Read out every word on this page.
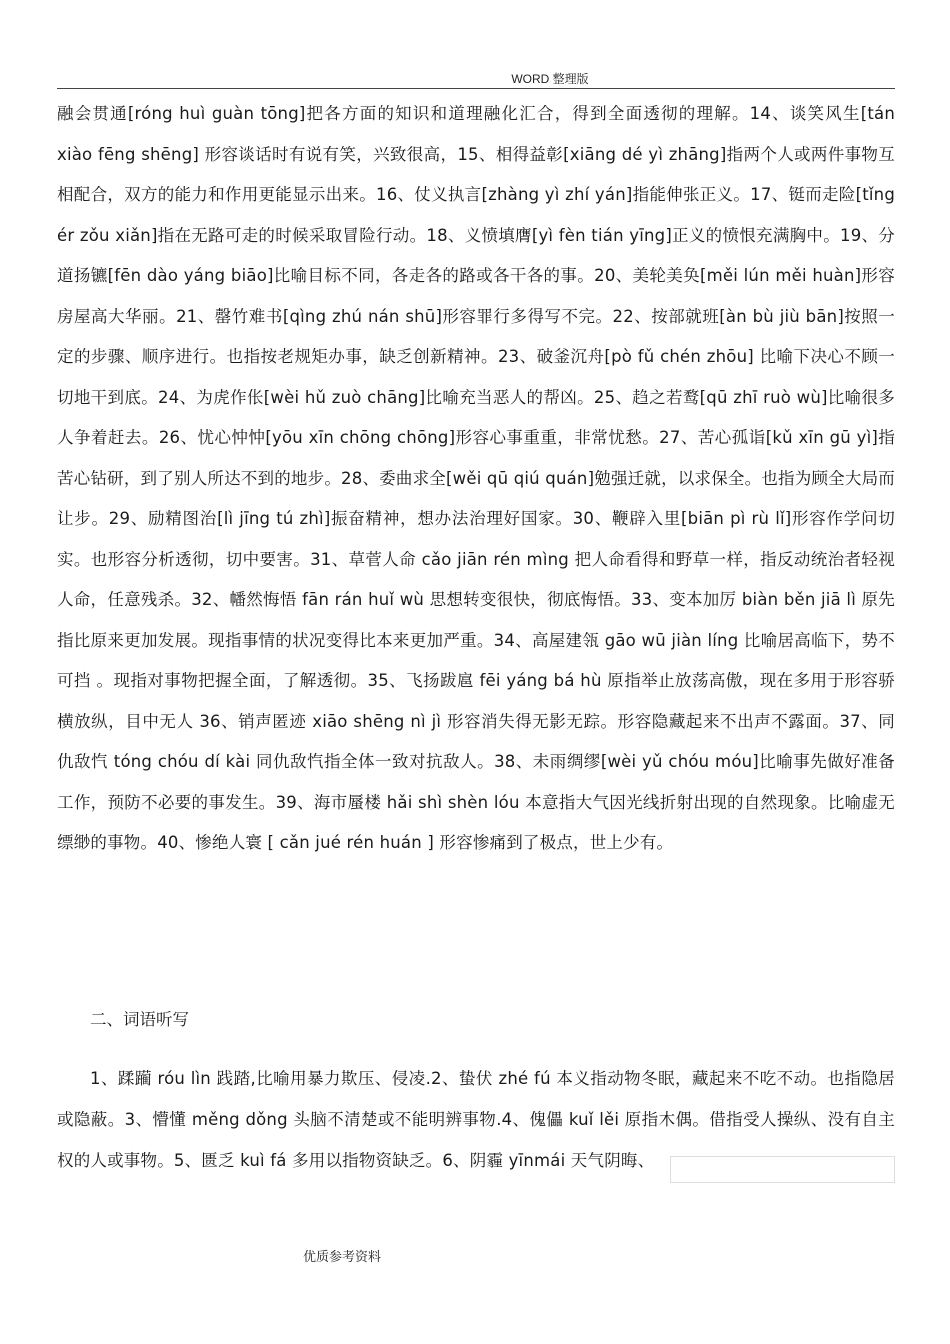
WORD 整理版
融会贯通[róng huì guàn tōng]把各方面的知识和道理融化汇合，得到全面透彻的理解。14、谈笑风生[tán xiào fēng shēng] 形容谈话时有说有笑，兴致很高，15、相得益彰[xiāng dé yì zhāng]指两个人或两件事物互相配合，双方的能力和作用更能显示出来。16、仗义执言[zhàng yì zhí yán]指能伸张正义。17、铤而走险[tǐng ér zǒu xiǎn]指在无路可走的时候采取冒险行动。18、义愤填膺[yì fèn tián yīng]正义的愤恨充满胸中。19、分道扬镳[fēn dào yáng biāo]比喻目标不同，各走各的路或各干各的事。20、美轮美奂[měi lún měi huàn]形容房屋高大华丽。21、罄竹难书[qìng zhú nán shū]形容罪行多得写不完。22、按部就班[àn bù jiù bān]按照一定的步骤、顺序进行。也指按老规矩办事，缺乏创新精神。23、破釜沉舟[pò fǔ chén zhōu] 比喻下决心不顾一切地干到底。24、为虎作伥[wèi hǔ zuò chāng]比喻充当恶人的帮凶。25、趋之若鹜[qū zhī ruò wù]比喻很多人争着赶去。26、忧心忡忡[yōu xīn chōng chōng]形容心事重重，非常忧愁。27、苦心孤诣[kǔ xīn gū yì]指苦心钻研，到了别人所达不到的地步。28、委曲求全[wěi qū qiú quán]勉强迁就，以求保全。也指为顾全大局而让步。29、励精图治[lì jīng tú zhì]振奋精神，想办法治理好国家。30、鞭辟入里[biān pì rù lǐ]形容作学问切实。也形容分析透彻，切中要害。31、草菅人命 cǎo jiān rén mìng 把人命看得和野草一样，指反动统治者轻视人命，任意残杀。32、幡然悔悟 fān rán huǐ wù 思想转变很快，彻底悔悟。33、变本加厉 biàn běn jiā lì 原先指比原来更加发展。现指事情的状况变得比本来更加严重。34、高屋建瓴 gāo wū jiàn líng 比喻居高临下，势不可挡 。现指对事物把握全面，了解透彻。35、飞扬跋扈 fēi yáng bá hù 原指举止放荡高傲，现在多用于形容骄横放纵，目中无人 36、销声匿迹 xiāo shēng nì jì 形容消失得无影无踪。形容隐藏起来不出声不露面。37、同仇敌忾 tóng chóu dí kài 同仇敌忾指全体一致对抗敌人。38、未雨绸缪[wèi yǔ chóu móu]比喻事先做好准备工作，预防不必要的事发生。39、海市蜃楼 hǎi shì shèn lóu 本意指大气因光线折射出现的自然现象。比喻虚无缥缈的事物。40、惨绝人寰 [ cǎn jué rén huán ] 形容惨痛到了极点，世上少有。
二、词语听写
1、蹂躏 róu lìn 践踏,比喻用暴力欺压、侵凌.2、蛰伏 zhé fú 本义指动物冬眠，藏起来不吃不动。也指隐居或隐蔽。3、懵懂 měng dǒng 头脑不清楚或不能明辨事物.4、傀儡 kuǐ lěi 原指木偶。借指受人操纵、没有自主权的人或事物。5、匮乏 kuì fá 多用以指物资缺乏。6、阴霾 yīnmái 天气阴晦、
优质参考资料
